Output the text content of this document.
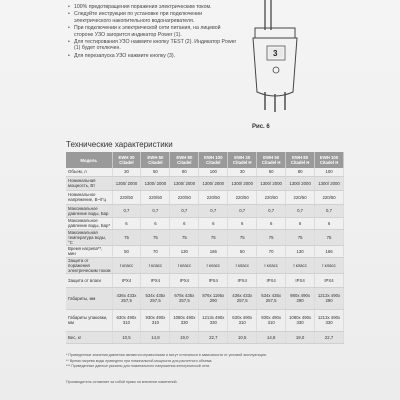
• 100% предотвращения поражения электрическим током.
• Следуйте инструкции по установке при подключении электрического накопительного водонагревателя.
• При подключении к электрической сети питания, на лицевой стороне УЗО загорится индикатор Power (1).
• Для тестирования УЗО нажмите кнопку TEST (2). Индикатор Power (1) будет отключен.
• Для перезапуска УЗО нажмите кнопку (3).	3
Рис. 6
Технические характеристики
Модель	EWH 30 Citadel	EWH 50 Citadel	EWH 80 Citadel	EWH 100 Citadel	EWH 30 Citadel H	EWH 50 Citadel H	EWH 80 Citadel H	EWH 100 Citadel H
Объем, л	30	50	80	100	30	50	80	100
Номинальная мощность, Вт	1300/ 2000	1300/ 2000	1300/ 2000	1300/ 2000	1300/ 2000	1300/ 2000	1300/ 2000	1300/ 2000
Номинальное напряжение, В~/Гц	220/50	220/50	220/50	220/50	220/50	220/50	220/50	220/50
Максимальное давление воды, Бар	0,7	0,7	0,7	0,7	0,7	0,7	0,7	0,7
Максимальное давление воды, Бар*	6	6	6	6	6	6	6	6
Максимальная температура воды, °С	75	75	75	75	75	75	75	75
Время нагрева**, мин	50	70	130	166	50	70	130	166
Защита от поражения электрическим током	I класс	I класс	I класс	I класс	I класс	I класс	I класс	I класс
Защита от влаги	IPX4	IPX4	IPX4	IPX4	IPX4	IPX4	IPX4	IPX4
Габариты, мм	436x 433x 257,5	534x 435x 257,5	678x 435x 257,5	876x 1195x 290	436x 433x 257,5	534x 435x 257,5	980x 490x 290	1213x 490x 290
Габариты упаковки, мм	630x 490x 310	930x 490x 310	1080x 490x 330	1213x 490x 330	630x 490x 310	930x 490x 310	1080x 490x 330	1213x 490x 330
Вес, кг	10,5	14,8	19,0	22,7	10,5	14,8	19,0	22,7
* Приведенные значения давления являются справочными и могут отличаться в зависимости от условий эксплуатации.
** Время нагрева воды приведено при номинальной мощности для расчетного объема.
*** Приведенные данные указаны для номинального напряжения электрической сети.
Производитель оставляет за собой право на внесение изменений.
